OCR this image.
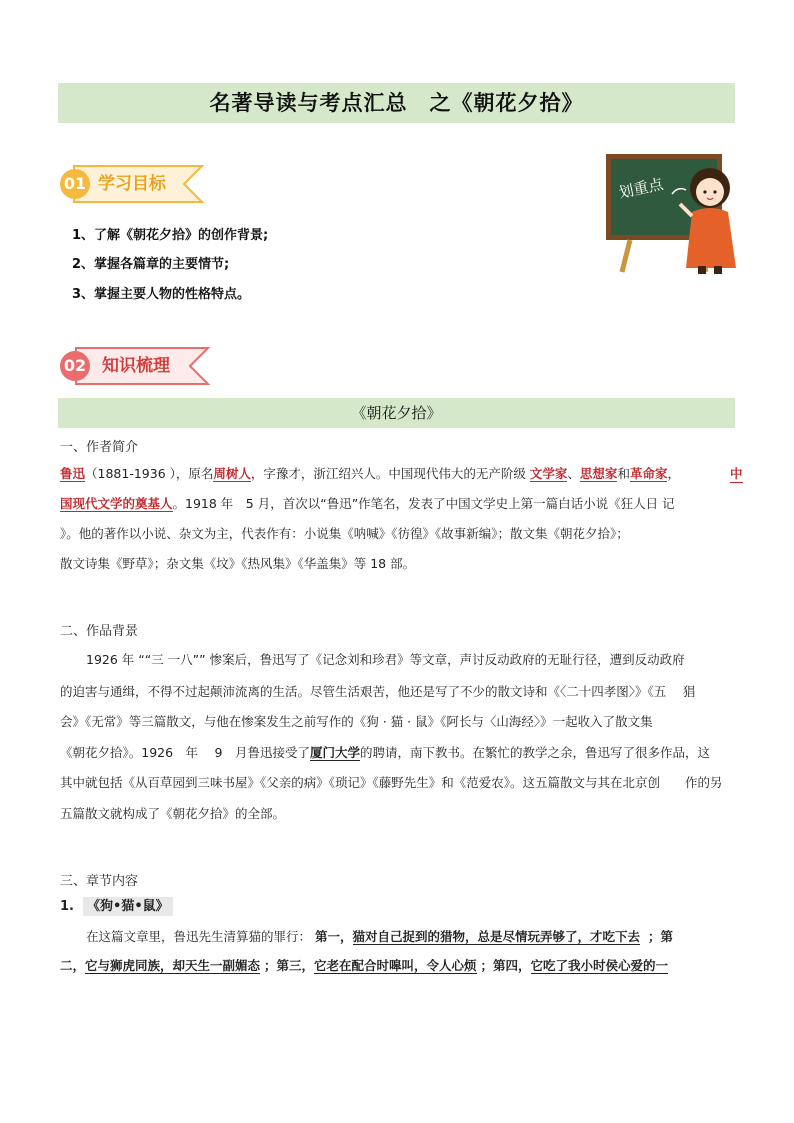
名著导读与考点汇总　之《朝花夕拾》
01 学习目标
1、了解《朝花夕拾》的创作背景;
2、掌握各篇章的主要情节;
3、掌握主要人物的性格特点。
划重点
02 知识梳理
《朝花夕拾》
一、作者简介
鲁迅（1881-1936 ），原名周树人，字豫才，浙江绍兴人。中国现代伟大的无产阶级 文学家、思想家和革命家，	中
国现代文学的奠基人。1918 年　5 月，首次以“鲁迅”作笔名，发表了中国文学史上第一篇白话小说《狂人日 记
》。他的著作以小说、杂文为主，代表作有：小说集《呐喊》《彷徨》《故事新编》；散文集《朝花夕拾》；
散文诗集《野草》；杂文集《坟》《热风集》《华盖集》等 18 部。
二、作品背景
1926 年 ““三 一八”” 惨案后，鲁迅写了《记念刘和珍君》等文章，声讨反动政府的无耻行径，遭到反动政府
的迫害与通缉，不得不过起颠沛流离的生活。尽管生活艰苦，他还是写了不少的散文诗和《〈二十四孝图〉》《五　 猖
会》《无常》等三篇散文，与他在惨案发生之前写作的《狗 · 猫 · 鼠》《阿长与〈山海经〉》一起收入了散文集
《朝花夕拾》。1926　年　 9　月鲁迅接受了厦门大学的聘请，南下教书。在繁忙的教学之余，鲁迅写了很多作品，这
其中就包括《从百草园到三味书屋》《父亲的病》《琐记》《藤野先生》和《范爱农》。这五篇散文与其在北京创　　作的另
五篇散文就构成了《朝花夕拾》的全部。
三、章节内容
1. 《狗•猫•鼠》
在这篇文章里，鲁迅先生清算猫的罪行： 第一，猫对自己捉到的猎物，总是尽情玩弄够了，才吃下去 ；第
二，它与狮虎同族，却天生一副媚态 ；第三，它老在配合时嗥叫，令人心烦 ；第四，它吃了我小时侯心爱的一
